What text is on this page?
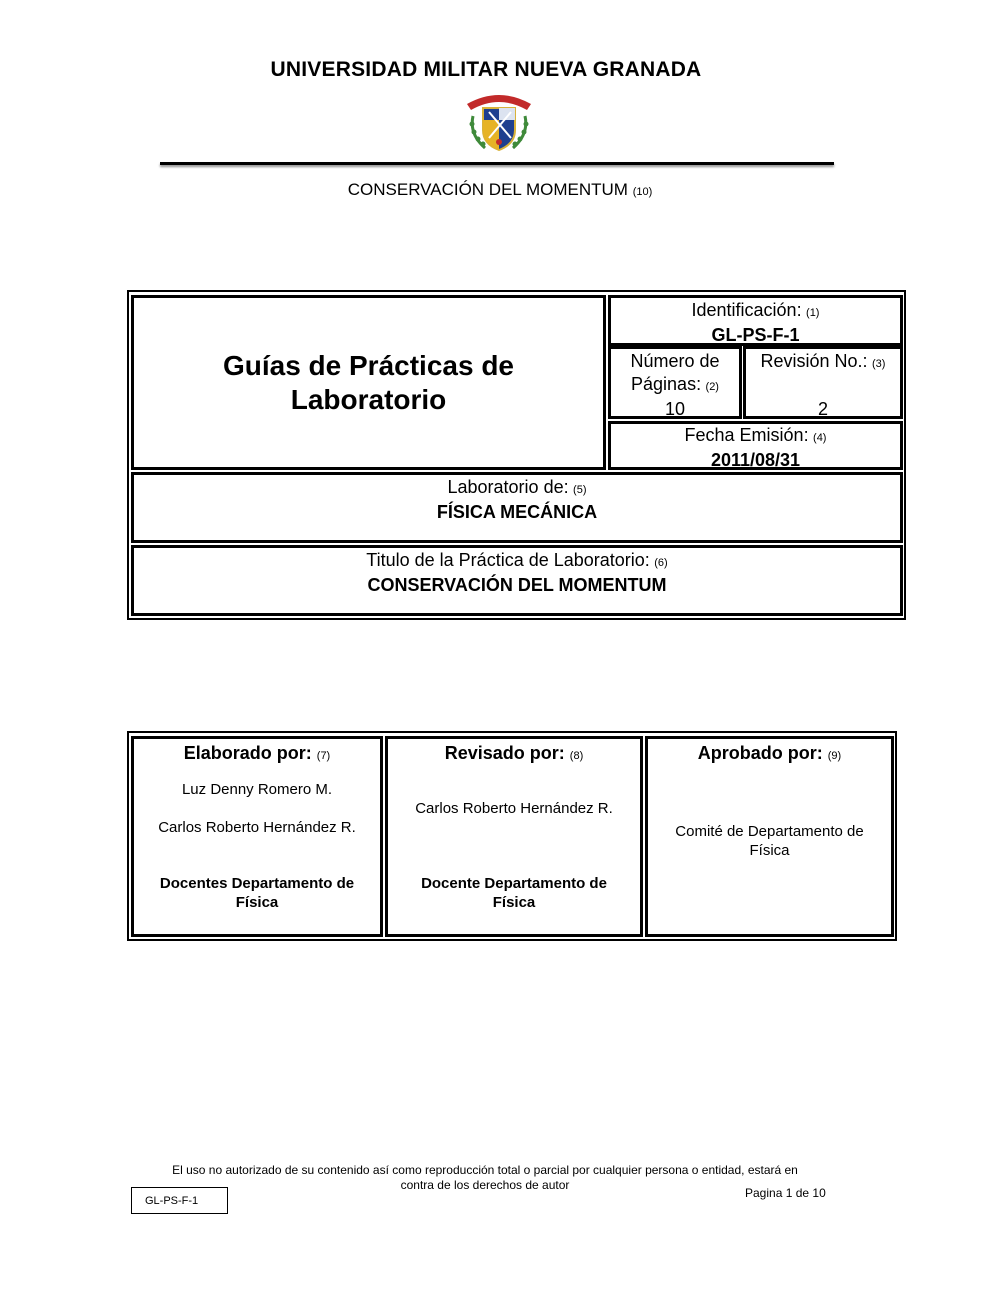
UNIVERSIDAD MILITAR NUEVA GRANADA
CONSERVACIÓN DEL MOMENTUM (10)
Guías de Prácticas de
Laboratorio
Identificación: (1)
GL-PS-F-1
Número de
Páginas: (2)
10
Revisión No.: (3)
2
Fecha Emisión: (4)
2011/08/31
Laboratorio de: (5)
FÍSICA MECÁNICA
Titulo de la Práctica de Laboratorio: (6)
CONSERVACIÓN DEL MOMENTUM
Elaborado por: (7)
Luz Denny Romero M.
Carlos Roberto Hernández R.
Docentes Departamento de
Física
Revisado por: (8)
Carlos Roberto Hernández R.
Docente Departamento de
Física
Aprobado por: (9)
Comité de Departamento de
Física
El uso no autorizado de su contenido así como reproducción total o parcial por cualquier persona o entidad, estará en
contra de los derechos de autor
GL-PS-F-1
Pagina 1 de 10
